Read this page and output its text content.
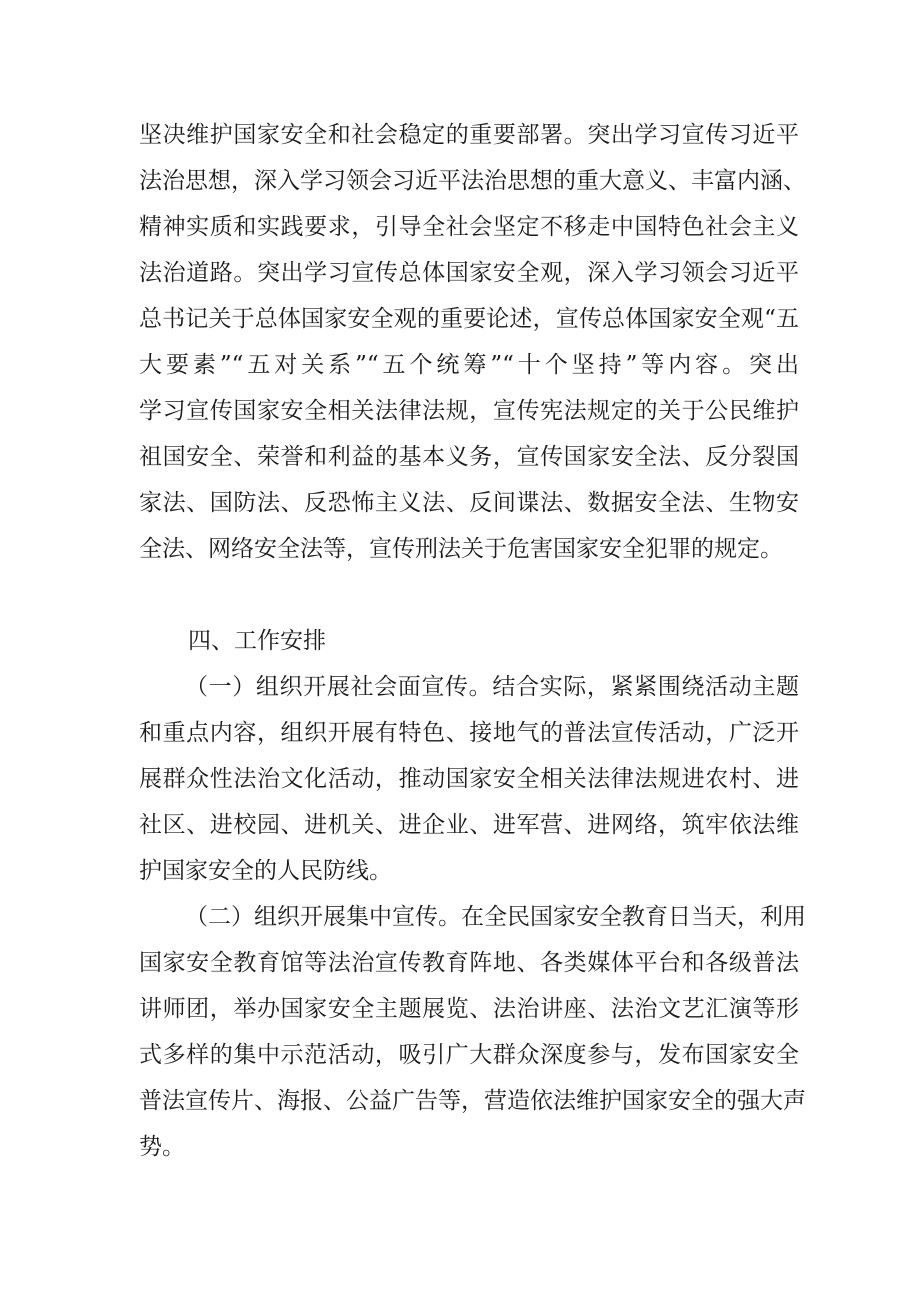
坚决维护国家安全和社会稳定的重要部署。突出学习宣传习近平
法治思想，深入学习领会习近平法治思想的重大意义、丰富内涵、
精神实质和实践要求，引导全社会坚定不移走中国特色社会主义
法治道路。突出学习宣传总体国家安全观，深入学习领会习近平
总书记关于总体国家安全观的重要论述，宣传总体国家安全观“五
大要素”“五对关系”“五个统筹”“十个坚持”等内容。突出
学习宣传国家安全相关法律法规，宣传宪法规定的关于公民维护
祖国安全、荣誉和利益的基本义务，宣传国家安全法、反分裂国
家法、国防法、反恐怖主义法、反间谍法、数据安全法、生物安
全法、网络安全法等，宣传刑法关于危害国家安全犯罪的规定。
四、工作安排
（一）组织开展社会面宣传。结合实际，紧紧围绕活动主题
和重点内容，组织开展有特色、接地气的普法宣传活动，广泛开
展群众性法治文化活动，推动国家安全相关法律法规进农村、进
社区、进校园、进机关、进企业、进军营、进网络，筑牢依法维
护国家安全的人民防线。
（二）组织开展集中宣传。在全民国家安全教育日当天，利用
国家安全教育馆等法治宣传教育阵地、各类媒体平台和各级普法
讲师团，举办国家安全主题展览、法治讲座、法治文艺汇演等形
式多样的集中示范活动，吸引广大群众深度参与，发布国家安全
普法宣传片、海报、公益广告等，营造依法维护国家安全的强大声
势。
